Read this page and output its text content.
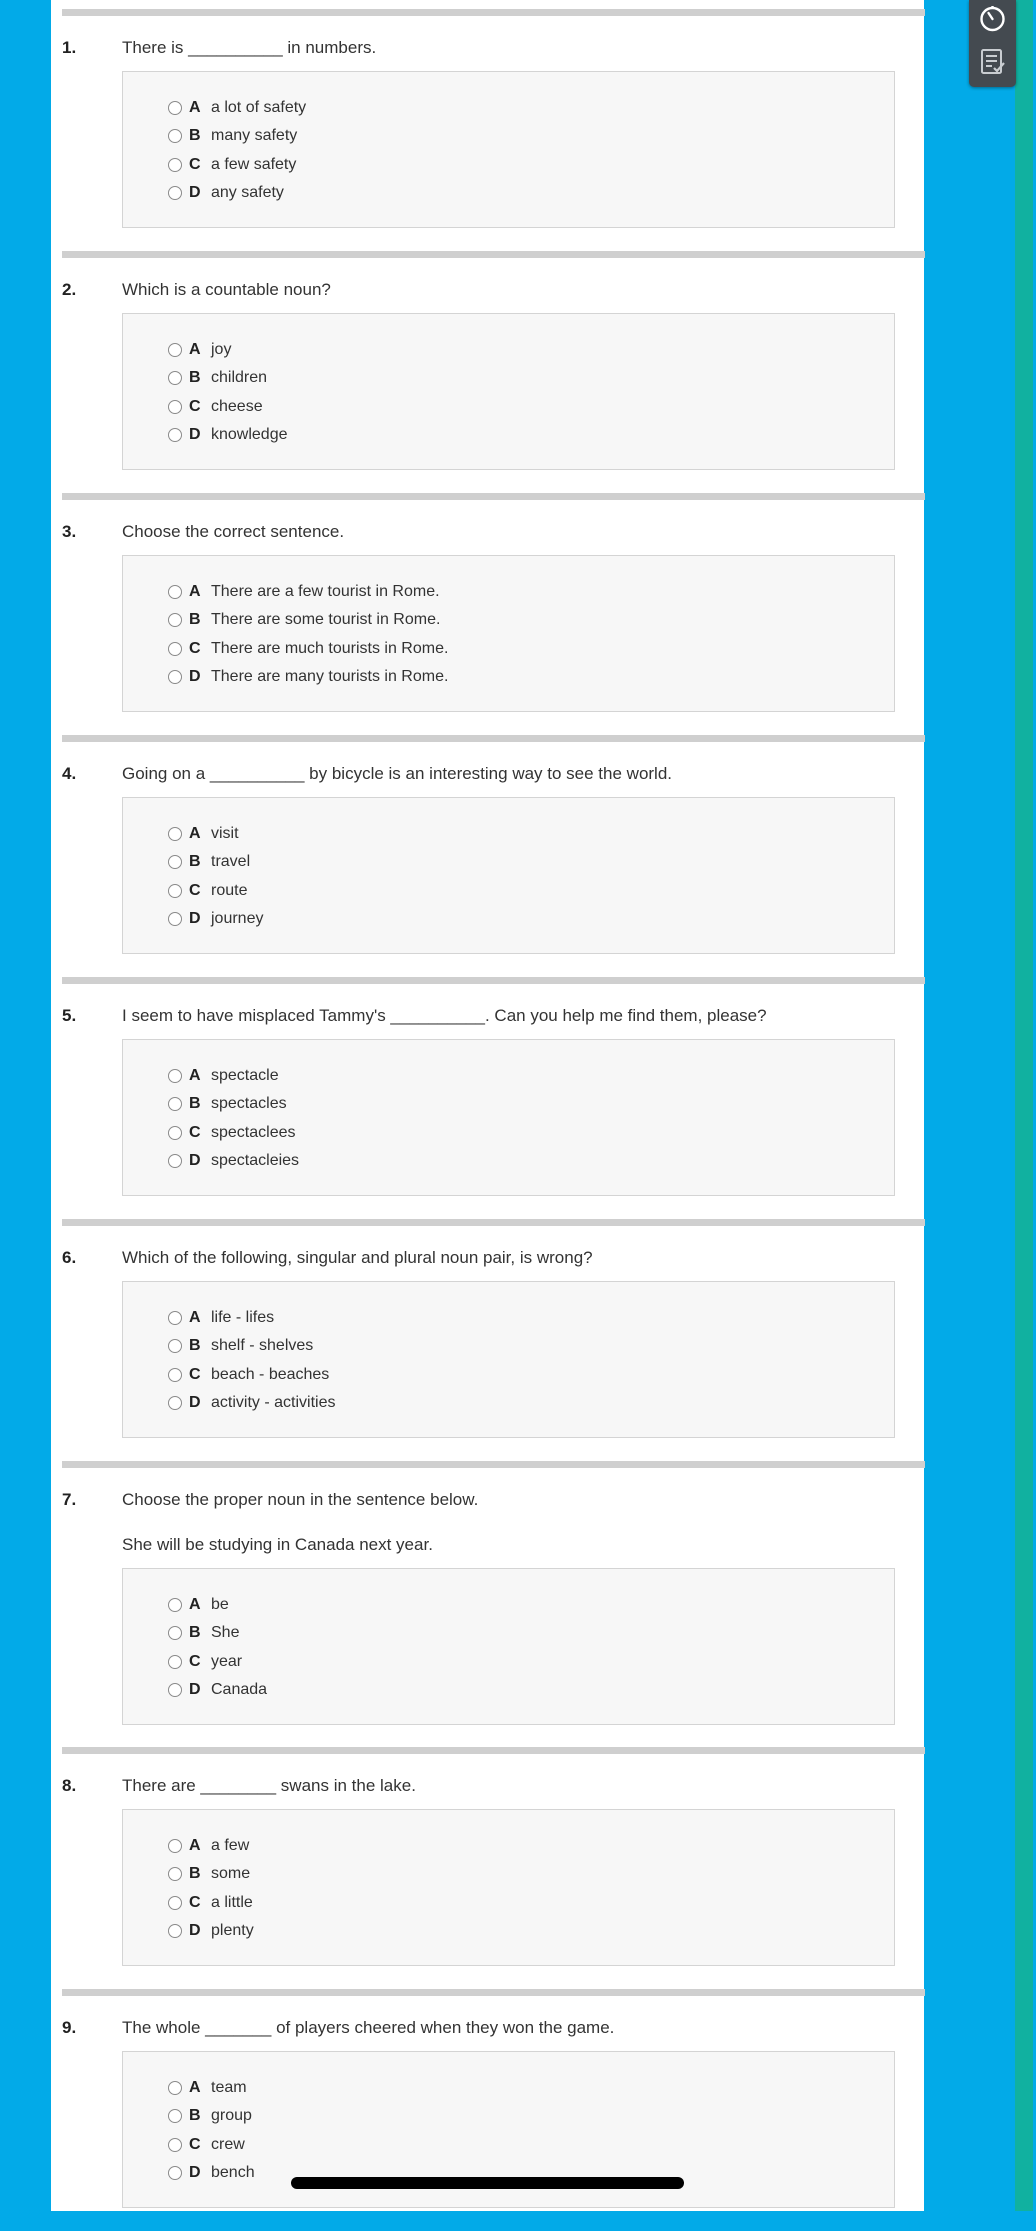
1.	There is __________ in numbers.
A a lot of safety
B many safety
C a few safety
D any safety
2.	Which is a countable noun?
A joy
B children
C cheese
D knowledge
3.	Choose the correct sentence.
A There are a few tourist in Rome.
B There are some tourist in Rome.
C There are much tourists in Rome.
D There are many tourists in Rome.
4.	Going on a __________ by bicycle is an interesting way to see the world.
A visit
B travel
C route
D journey
5.	I seem to have misplaced Tammy's __________. Can you help me find them, please?
A spectacle
B spectacles
C spectaclees
D spectacleies
6.	Which of the following, singular and plural noun pair, is wrong?
A life - lifes
B shelf - shelves
C beach - beaches
D activity - activities
7.	Choose the proper noun in the sentence below.
She will be studying in Canada next year.
A be
B She
C year
D Canada
8.	There are ________ swans in the lake.
A a few
B some
C a little
D plenty
9.	The whole _______ of players cheered when they won the game.
A team
B group
C crew
D bench
